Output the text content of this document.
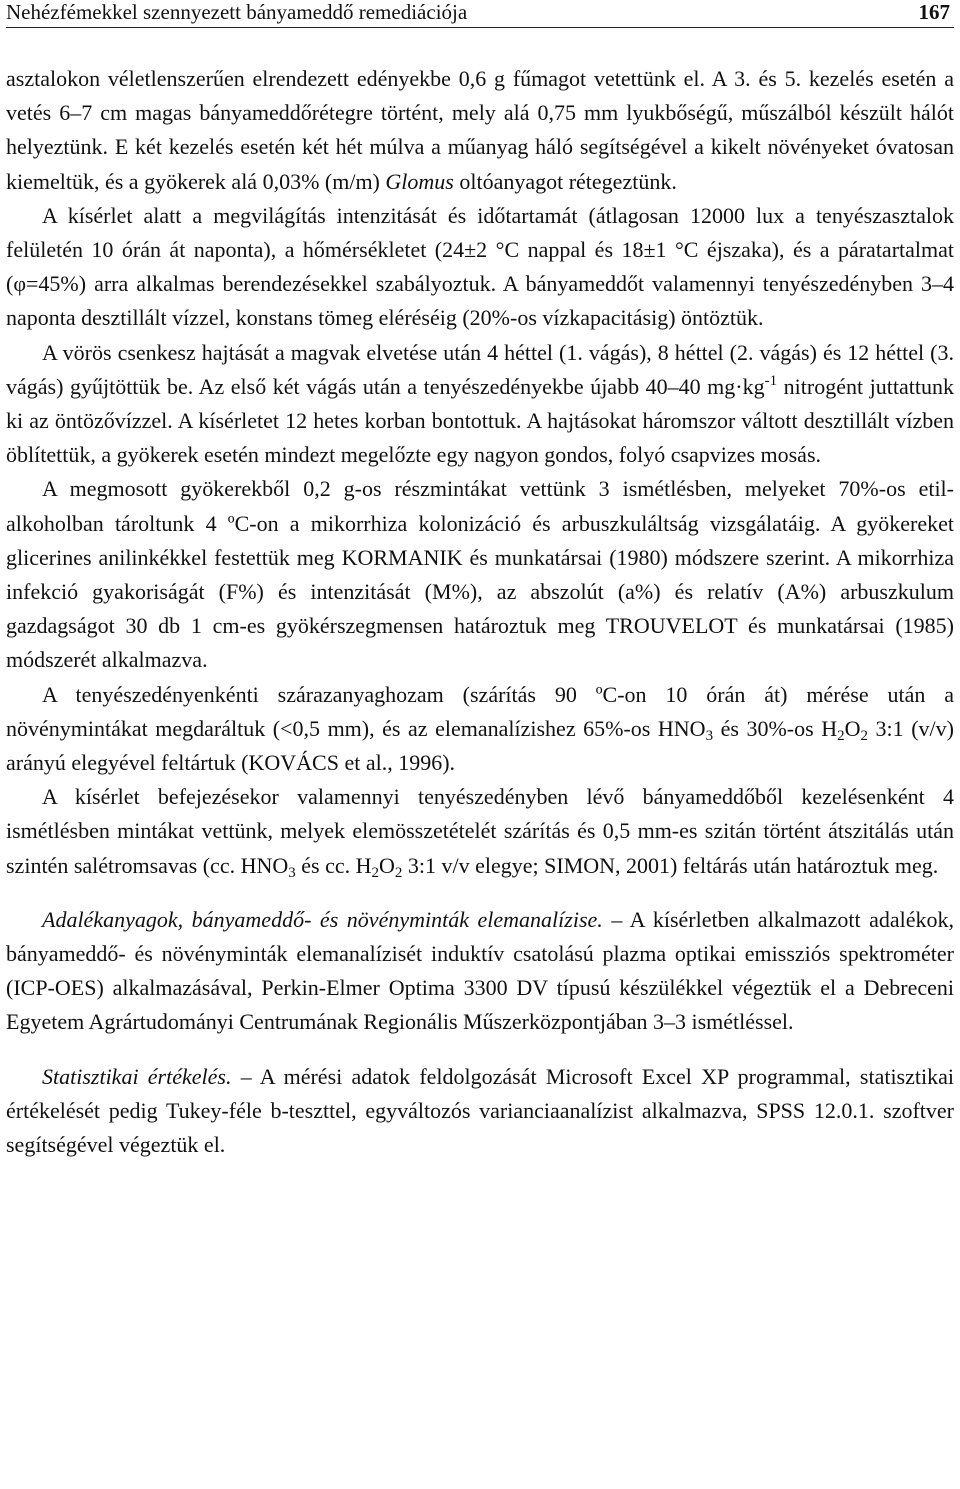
Nehézfémekkel szennyezett bányameddő remediációja	167

asztalokon véletlenszerűen elrendezett edényekbe 0,6 g fűmagot vetettünk el. A 3. és 5. kezelés esetén a vetés 6–7 cm magas bányameddőrétegre történt, mely alá 0,75 mm lyukbőségű, műszálból készült hálót helyeztünk. E két kezelés esetén két hét múlva a műanyag háló segítségével a kikelt növényeket óvatosan kiemeltük, és a gyökerek alá 0,03% (m/m) Glomus oltóanyagot rétegeztünk.

A kísérlet alatt a megvilágítás intenzitását és időtartamát (átlagosan 12000 lux a tenyészasztalok felületén 10 órán át naponta), a hőmérsékletet (24±2 °C nappal és 18±1 °C éjszaka), és a páratartalmat (φ=45%) arra alkalmas berendezésekkel szabályoztuk. A bányameddőt valamennyi tenyészedényben 3–4 naponta desztillált vízzel, konstans tömeg eléréséig (20%-os vízkapacitásig) öntöztük.

A vörös csenkesz hajtását a magvak elvetése után 4 héttel (1. vágás), 8 héttel (2. vágás) és 12 héttel (3. vágás) gyűjtöttük be. Az első két vágás után a tenyészedényekbe újabb 40–40 $mg\cdot kg^{-1}$ nitrogént juttattunk ki az öntözővízzel. A kísérletet 12 hetes korban bontottuk. A hajtásokat háromszor váltott desztillált vízben öblítettük, a gyökerek esetén mindezt megelőzte egy nagyon gondos, folyó csapvizes mosás.

A megmosott gyökerekből 0,2 g-os részmintákat vettünk 3 ismétlésben, melyeket 70%-os etil-alkoholban tároltunk 4 ºC-on a mikorrhiza kolonizáció és arbuszkuláltság vizsgálatáig. A gyökereket glicerines anilinkékkel festettük meg KORMANIK és munkatársai (1980) módszere szerint. A mikorrhiza infekció gyakoriságát (F%) és intenzitását (M%), az abszolút (a%) és relatív (A%) arbuszkulum gazdagságot 30 db 1 cm-es gyökérszegmensen határoztuk meg TROUVELOT és munkatársai (1985) módszerét alkalmazva.

A tenyészedényenkénti szárazanyaghozam (szárítás 90 ºC-on 10 órán át) mérése után a növénymintákat megdaráltuk (<0,5 mm), és az elemanalízishez 65%-os $HNO_3$ és 30%-os $H_2O_2$ 3:1 (v/v) arányú elegyével feltártuk (KOVÁCS et al., 1996).

A kísérlet befejezésekor valamennyi tenyészedényben lévő bányameddőből kezelésenként 4 ismétlésben mintákat vettünk, melyek elemösszetételét szárítás és 0,5 mm-es szitán történt átszitálás után szintén salétromsavas (cc. $HNO_3$ és cc. $H_2O_2$ 3:1 v/v elegye; SIMON, 2001) feltárás után határoztuk meg.

Adalékanyagok, bányameddő- és növényminták elemanalízise. – A kísérletben alkalmazott adalékok, bányameddő- és növényminták elemanalízisét induktív csatolású plazma optikai emissziós spektrométer (ICP-OES) alkalmazásával, Perkin-Elmer Optima 3300 DV típusú készülékkel végeztük el a Debreceni Egyetem Agrártudományi Centrumának Regionális Műszerközpontjában 3–3 ismétléssel.

Statisztikai értékelés. – A mérési adatok feldolgozását Microsoft Excel XP programmal, statisztikai értékelését pedig Tukey-féle b-teszttel, egyváltozós varianciaanalízist alkalmazva, SPSS 12.0.1. szoftver segítségével végeztük el.
